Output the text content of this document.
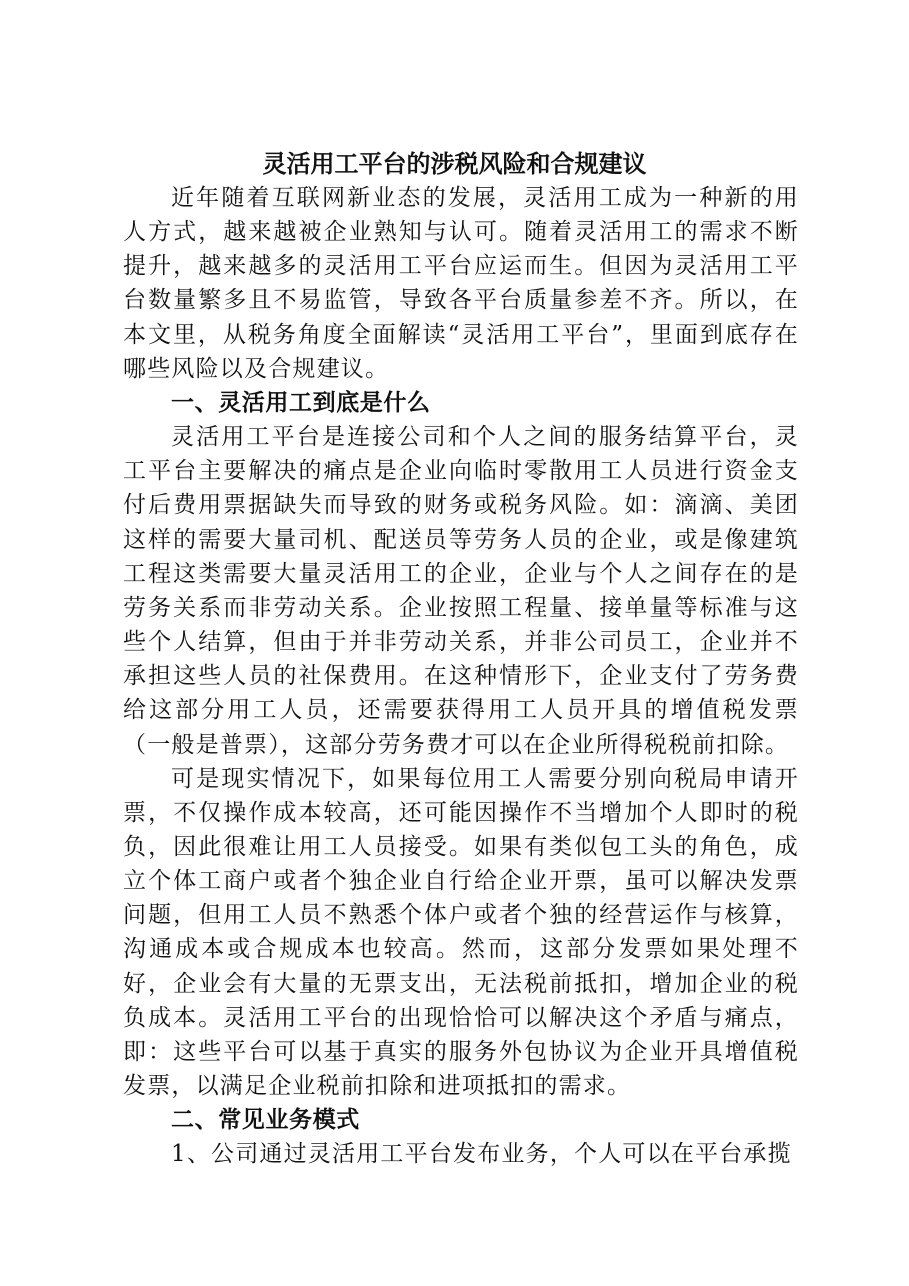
灵活用工平台的涉税风险和合规建议

近年随着互联网新业态的发展，灵活用工成为一种新的用人方式，越来越被企业熟知与认可。随着灵活用工的需求不断提升，越来越多的灵活用工平台应运而生。但因为灵活用工平台数量繁多且不易监管，导致各平台质量参差不齐。所以，在本文里，从税务角度全面解读“灵活用工平台”，里面到底存在哪些风险以及合规建议。

一、灵活用工到底是什么

灵活用工平台是连接公司和个人之间的服务结算平台，灵工平台主要解决的痛点是企业向临时零散用工人员进行资金支付后费用票据缺失而导致的财务或税务风险。如：滴滴、美团这样的需要大量司机、配送员等劳务人员的企业，或是像建筑工程这类需要大量灵活用工的企业，企业与个人之间存在的是劳务关系而非劳动关系。企业按照工程量、接单量等标准与这些个人结算，但由于并非劳动关系，并非公司员工，企业并不承担这些人员的社保费用。在这种情形下，企业支付了劳务费给这部分用工人员，还需要获得用工人员开具的增值税发票（一般是普票），这部分劳务费才可以在企业所得税税前扣除。

可是现实情况下，如果每位用工人需要分别向税局申请开票，不仅操作成本较高，还可能因操作不当增加个人即时的税负，因此很难让用工人员接受。如果有类似包工头的角色，成立个体工商户或者个独企业自行给企业开票，虽可以解决发票问题，但用工人员不熟悉个体户或者个独的经营运作与核算，沟通成本或合规成本也较高。然而，这部分发票如果处理不好，企业会有大量的无票支出，无法税前抵扣，增加企业的税负成本。灵活用工平台的出现恰恰可以解决这个矛盾与痛点，即：这些平台可以基于真实的服务外包协议为企业开具增值税发票，以满足企业税前扣除和进项抵扣的需求。

二、常见业务模式

1、公司通过灵活用工平台发布业务，个人可以在平台承揽
